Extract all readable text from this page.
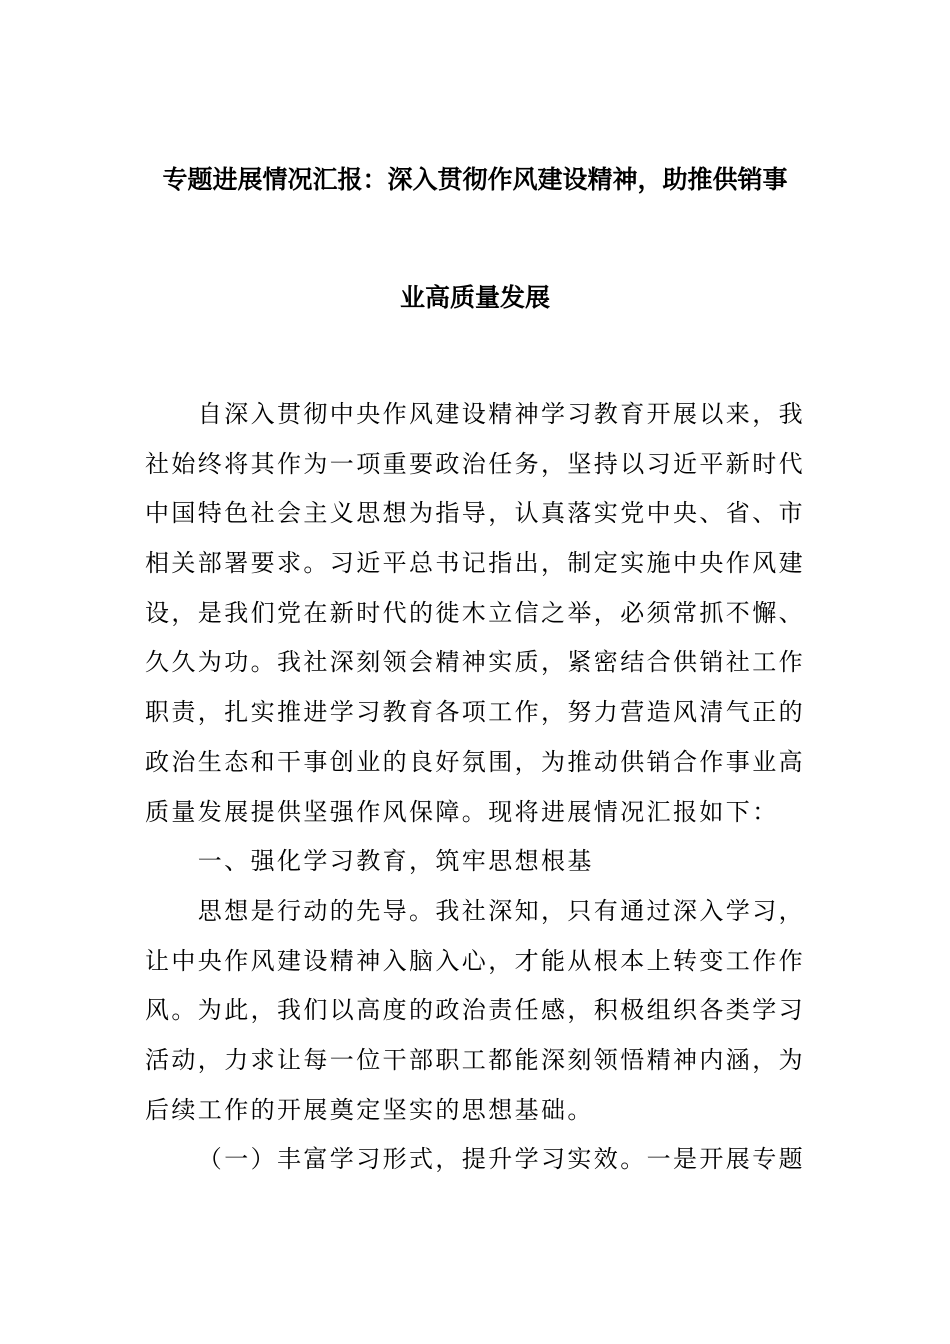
专题进展情况汇报：深入贯彻作风建设精神，助推供销事
业高质量发展
自深入贯彻中央作风建设精神学习教育开展以来，我
社始终将其作为一项重要政治任务，坚持以习近平新时代
中国特色社会主义思想为指导，认真落实党中央、省、市
相关部署要求。习近平总书记指出，制定实施中央作风建
设，是我们党在新时代的徙木立信之举，必须常抓不懈、
久久为功。我社深刻领会精神实质，紧密结合供销社工作
职责，扎实推进学习教育各项工作，努力营造风清气正的
政治生态和干事创业的良好氛围，为推动供销合作事业高
质量发展提供坚强作风保障。现将进展情况汇报如下：
一、强化学习教育，筑牢思想根基
思想是行动的先导。我社深知，只有通过深入学习，
让中央作风建设精神入脑入心，才能从根本上转变工作作
风。为此，我们以高度的政治责任感，积极组织各类学习
活动，力求让每一位干部职工都能深刻领悟精神内涵，为
后续工作的开展奠定坚实的思想基础。
（一）丰富学习形式，提升学习实效。一是开展专题
